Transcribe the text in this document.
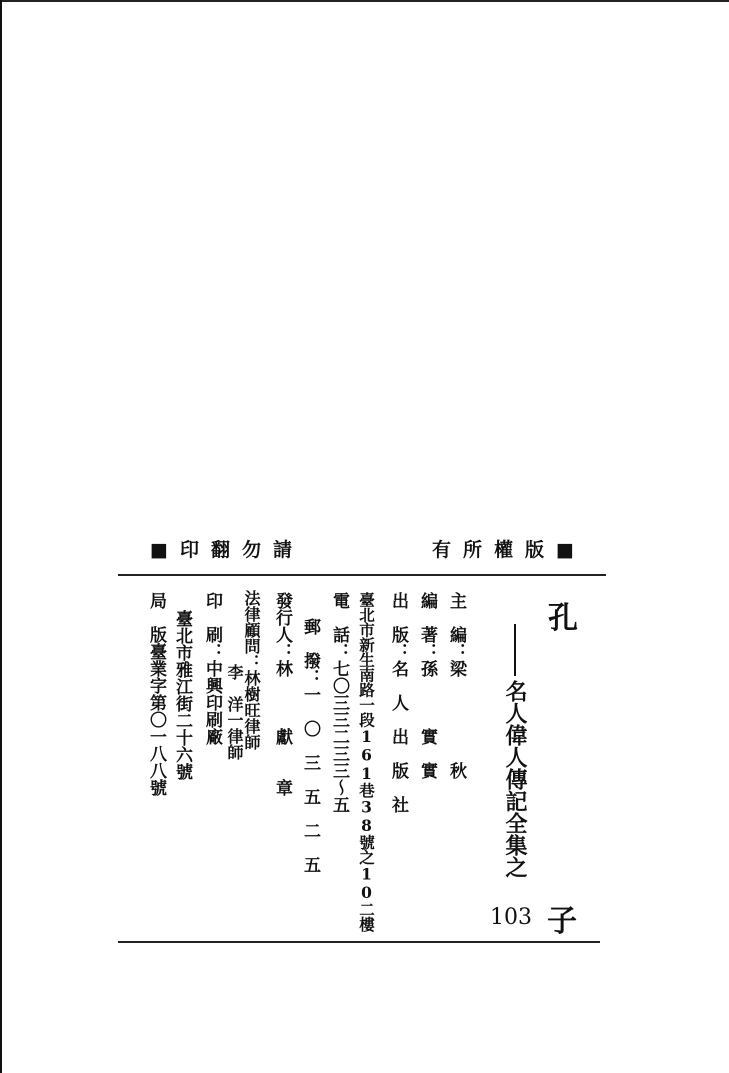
■印翻勿請	有所權版■
孔
子
名人偉人傳記全集之
103
主　編：梁　　　　　秋
編　著：孫　　　實　實
出　版：名　人　出　版　社
臺北市新生南路一段161巷38號之10二樓
電　話：七〇三三二三三～五
郵　撥：一　〇　三　五　二　五
發行人：林　　　獻　　章
法律顧問：林樹旺律師
李　洋一律師
印　刷：中興印刷廠
臺北市雅江街二十六號
局　版臺業字第〇一八八號
